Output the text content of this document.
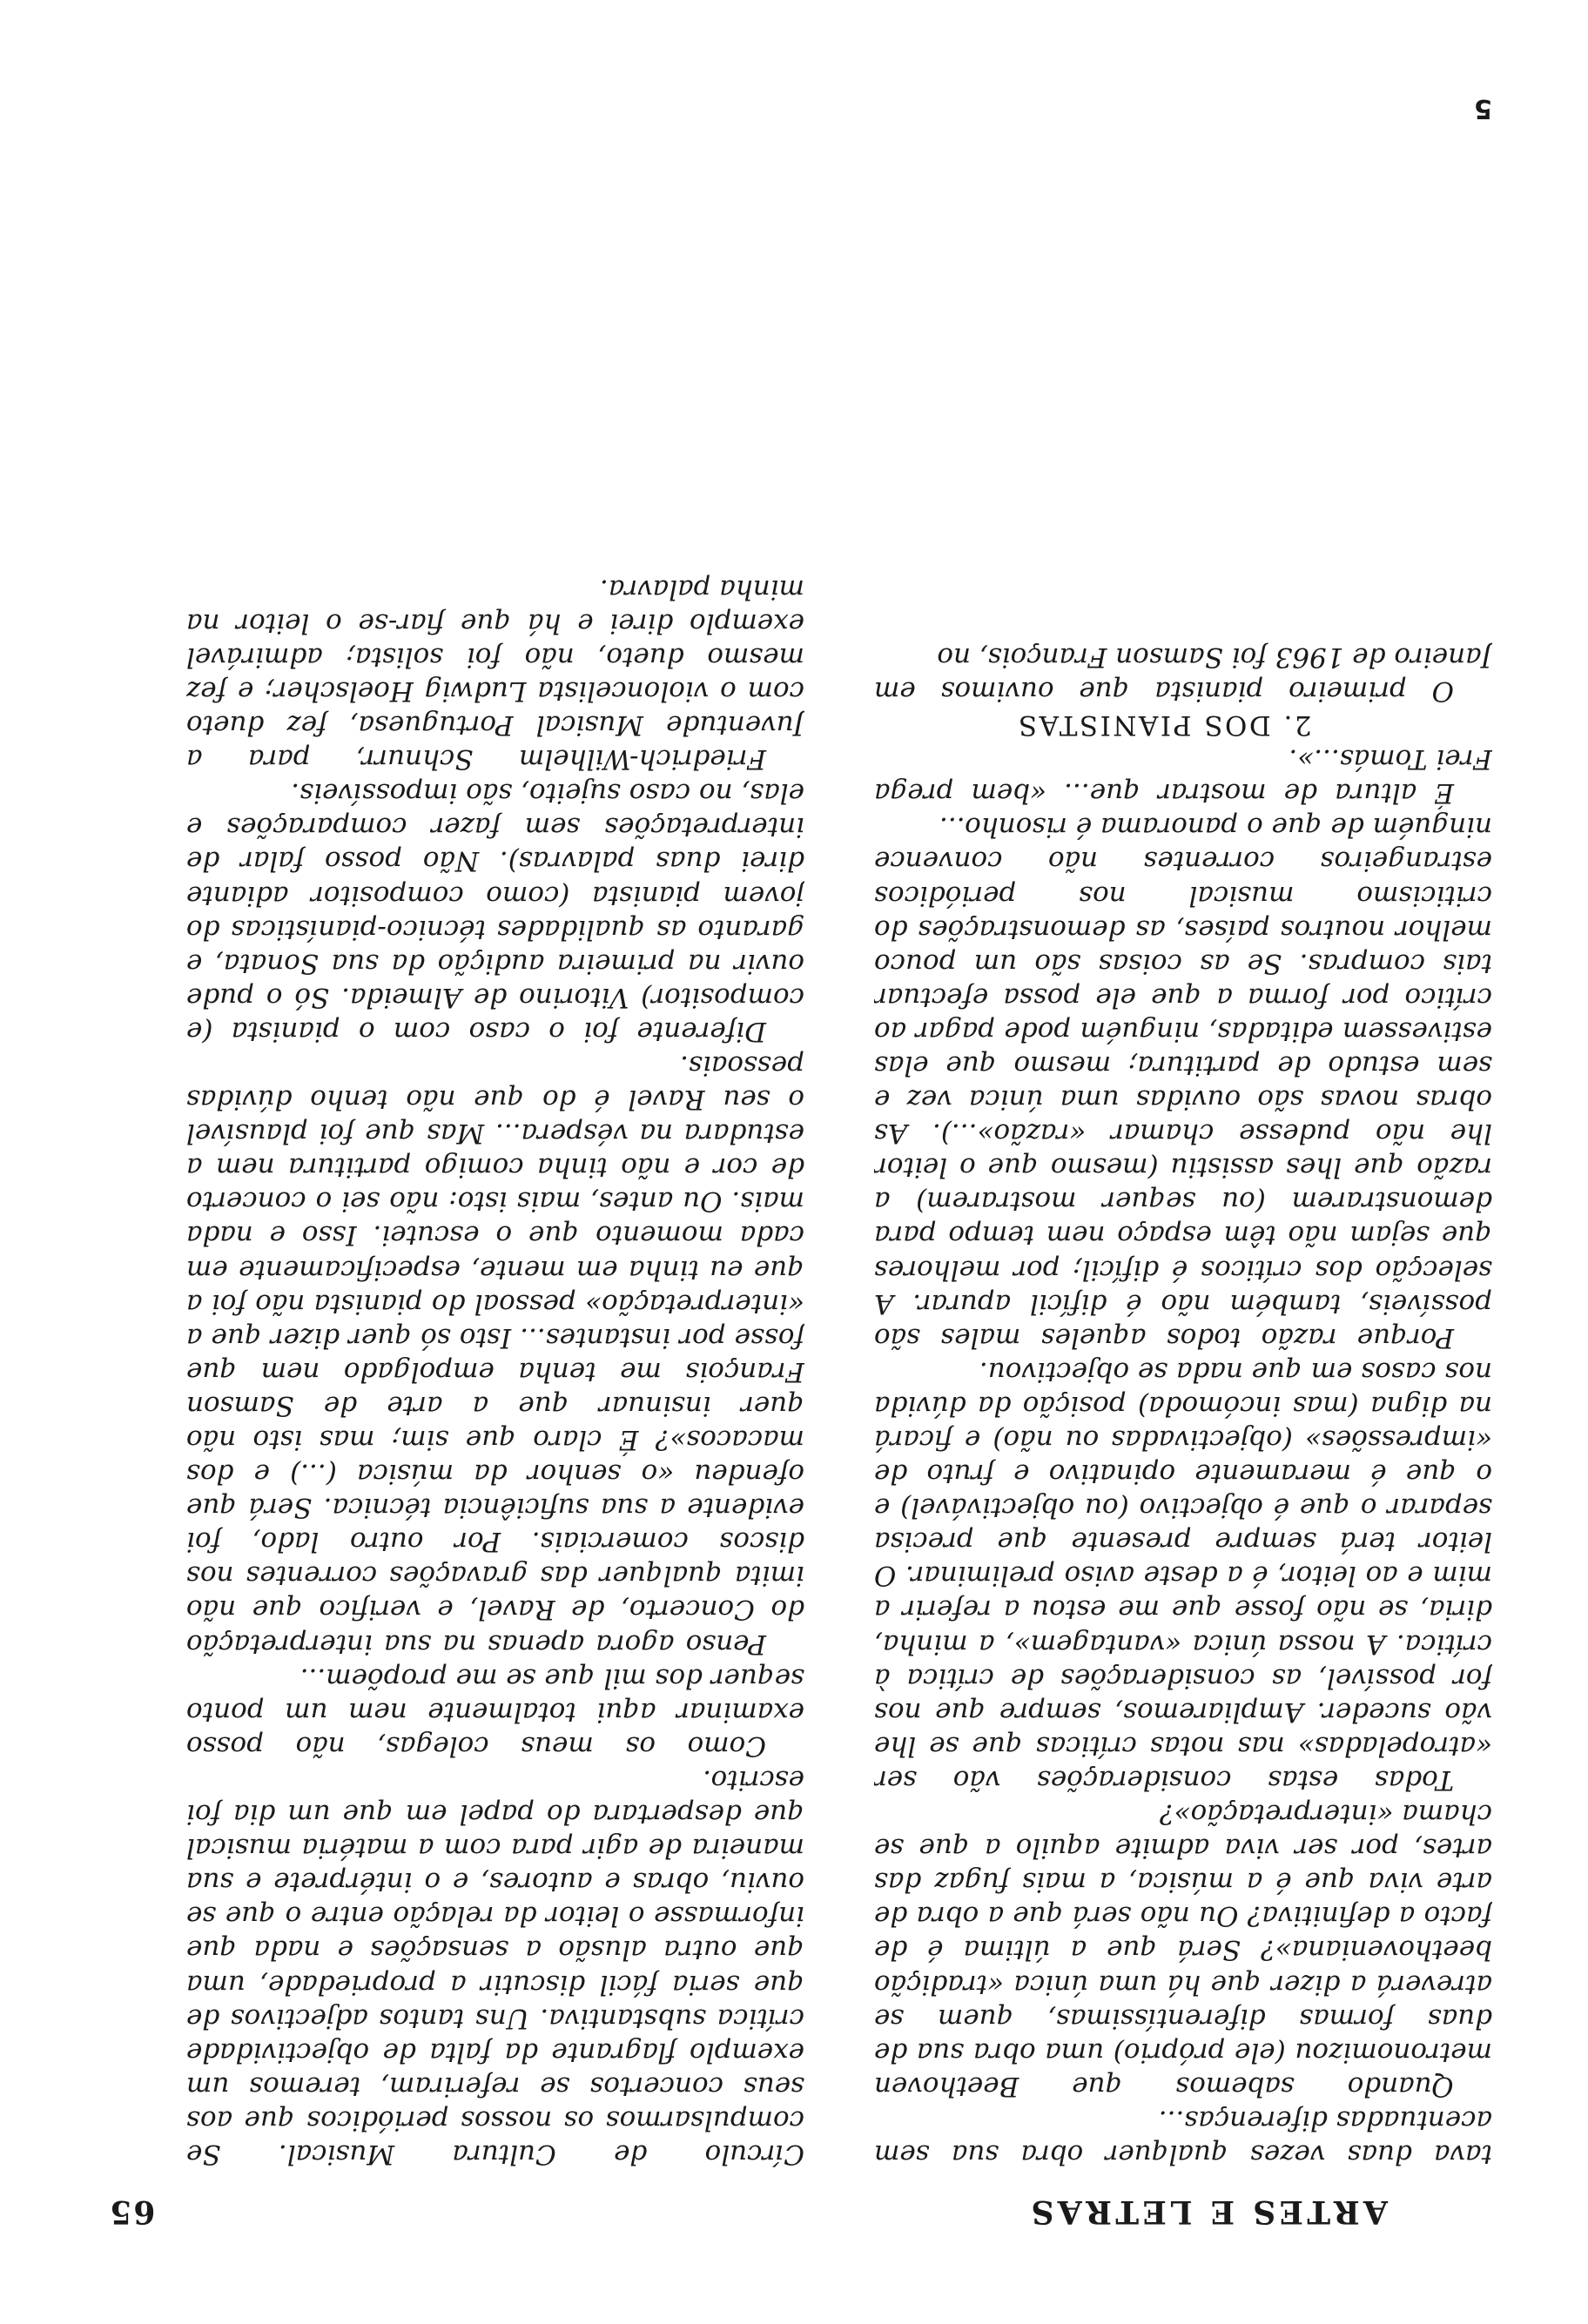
ARTES E LETRAS
65

tava duas vezes qualquer obra sua sem acentuadas diferenças...

Quando sabemos que Beethoven metronomizou (ele próprio) uma obra sua de duas formas diferentíssimas, quem se atreverá a dizer que há uma única «tradição beethoveniana»? Será que a última é de facto a definitiva? Ou não será que a obra de arte viva que é a música, a mais fugaz das artes, por ser viva admite aquilo a que se chama «interpretação»?

Todas estas considerações vão ser «atropeladas» nas notas críticas que se lhe vão suceder. Ampliaremos, sempre que nos for possível, as considerações de crítica à crítica. A nossa única «vantagem», a minha, diria, se não fosse que me estou a referir a mim e ao leitor, é a deste aviso preliminar. O leitor terá sempre presente que precisa separar o que é objectivo (ou objectivável) e o que é meramente opinativo e fruto de «impressões» (objectivadas ou não) e ficará na digna (mas incómoda) posição da dúvida nos casos em que nada se objectivou.

Porque razão todos aqueles males são possíveis, também não é difícil apurar. A selecção dos críticos é difícil; por melhores que sejam não têm espaço nem tempo para demonstrarem (ou sequer mostrarem) a razão que lhes assistiu (mesmo que o leitor lhe não pudesse chamar «razão»...). As obras novas são ouvidas uma única vez e sem estudo de partitura; mesmo que elas estivessem editadas, ninguém pode pagar ao crítico por forma a que ele possa efectuar tais compras. Se as coisas são um pouco melhor noutros países, as demonstrações do criticismo musical nos periódicos estrangeiros correntes não convence ninguém de que o panorama é risonho...

É altura de mostrar que... «bem prega Frei Tomás...».

2. DOS PIANISTAS

O primeiro pianista que ouvimos em Janeiro de 1963 foi Samson François, no

Círculo de Cultura Musical. Se compulsarmos os nossos periódicos que aos seus concertos se referiram, teremos um exemplo flagrante da falta de objectividade crítica substantiva. Uns tantos adjectivos de que seria fácil discutir a propriedade, uma que outra alusão a sensações e nada que informasse o leitor da relação entre o que se ouviu, obras e autores, e o intérprete e sua maneira de agir para com a matéria musical que despertara do papel em que um dia foi escrito.

Como os meus colegas, não posso examinar aqui totalmente nem um ponto sequer dos mil que se me propõem...

Penso agora apenas na sua interpretação do Concerto, de Ravel, e verifico que não imita qualquer das gravações correntes nos discos comerciais. Por outro lado, foi evidente a sua suficiência técnica. Será que ofendeu «o senhor da música (...) e dos macacos»? É claro que sim; mas isto não quer insinuar que a arte de Samson François me tenha empolgado nem que fosse por instantes... Isto só quer dizer que a «interpretação» pessoal do pianista não foi a que eu tinha em mente, especificamente em cada momento que o escutei. Isso e nada mais. Ou antes, mais isto: não sei o concerto de cor e não tinha comigo partitura nem a estudara na véspera... Mas que foi plausível o seu Ravel é do que não tenho dúvidas pessoais.

Diferente foi o caso com o pianista (e compositor) Vitorino de Almeida. Só o pude ouvir na primeira audição da sua Sonata, e garanto as qualidades técnico-pianísticas do jovem pianista (como compositor adiante direi duas palavras). Não posso falar de interpretações sem fazer comparações e elas, no caso sujeito, são impossíveis.

Friedrich-Wilhelm Schnurr, para a Juventude Musical Portuguesa, fez dueto com o violoncelista Ludwig Hoelscher; e fez mesmo dueto, não foi solista; admirável exemplo direi e há que fiar-se o leitor na minha palavra.

5
